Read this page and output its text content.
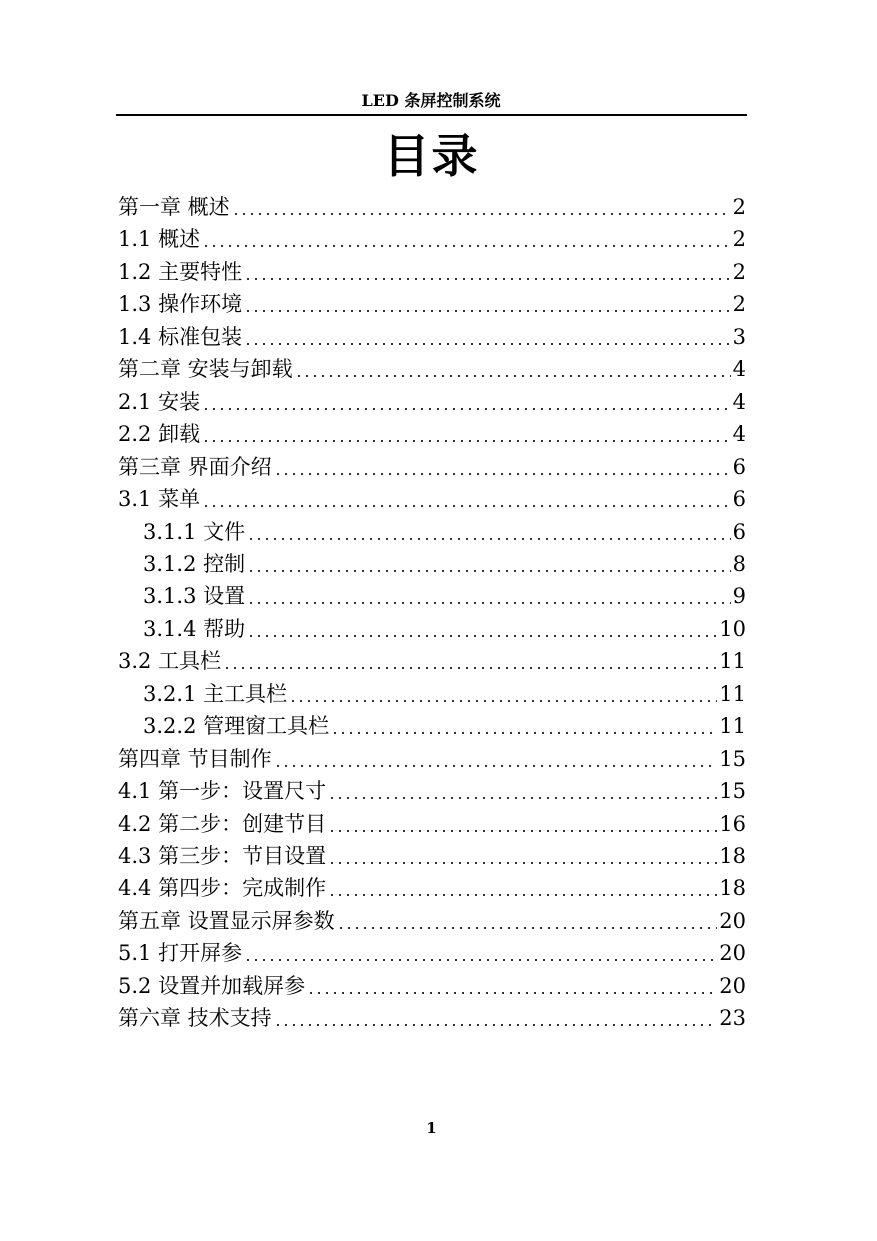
LED 条屏控制系统
目录
第一章 概述	2
1.1 概述	2
1.2 主要特性	2
1.3 操作环境	2
1.4 标准包装	3
第二章 安装与卸载	4
2.1 安装	4
2.2 卸载	4
第三章 界面介绍	6
3.1 菜单	6
3.1.1 文件	6
3.1.2 控制	8
3.1.3 设置	9
3.1.4 帮助	10
3.2 工具栏	11
3.2.1 主工具栏	11
3.2.2 管理窗工具栏	11
第四章 节目制作	15
4.1 第一步：设置尺寸	15
4.2 第二步：创建节目	16
4.3 第三步：节目设置	18
4.4 第四步：完成制作	18
第五章 设置显示屏参数	20
5.1 打开屏参	20
5.2 设置并加载屏参	20
第六章 技术支持	23
1
